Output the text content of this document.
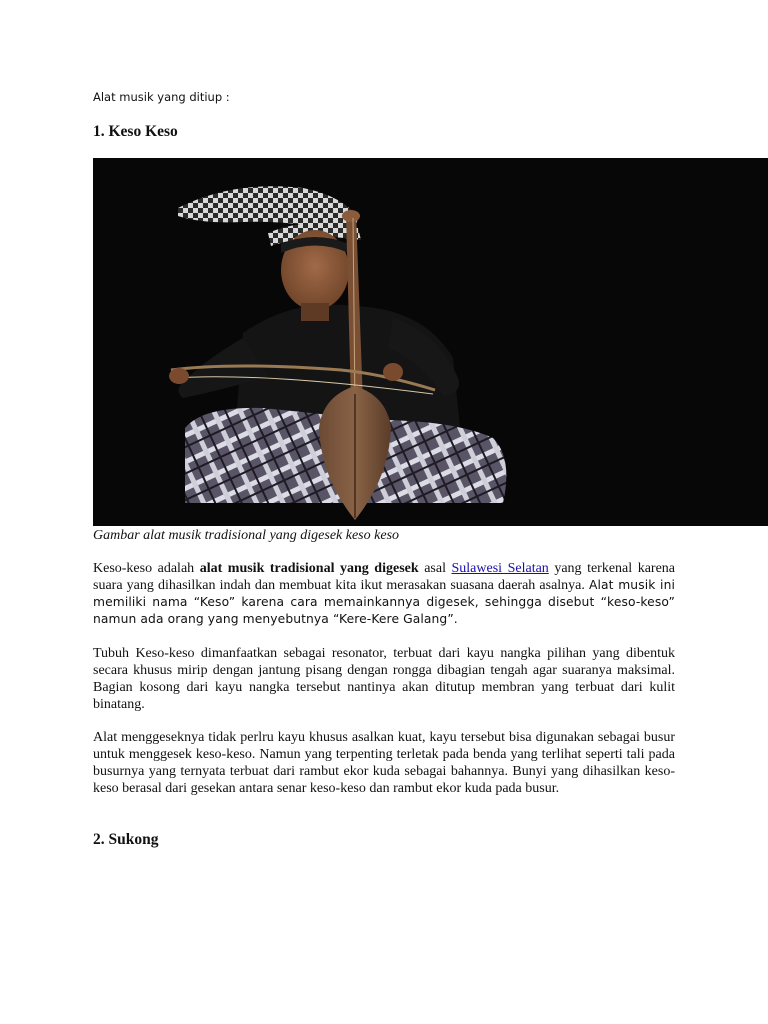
Alat musik yang ditiup :
1. Keso Keso
Gambar alat musik tradisional yang digesek keso keso
Keso-keso adalah alat musik tradisional yang digesek asal Sulawesi Selatan yang terkenal karena suara yang dihasilkan indah dan membuat kita ikut merasakan suasana daerah asalnya. Alat musik ini memiliki nama “Keso” karena cara memainkannya digesek, sehingga disebut “keso-keso” namun ada orang yang menyebutnya “Kere-Kere Galang”.
Tubuh Keso-keso dimanfaatkan sebagai resonator, terbuat dari kayu nangka pilihan yang dibentuk secara khusus mirip dengan jantung pisang dengan rongga dibagian tengah agar suaranya maksimal. Bagian kosong dari kayu nangka tersebut nantinya akan ditutup membran yang terbuat dari kulit binatang.
Alat menggeseknya tidak perlru kayu khusus asalkan kuat, kayu tersebut bisa digunakan sebagai busur untuk menggesek keso-keso. Namun yang terpenting terletak pada benda yang terlihat seperti tali pada busurnya yang ternyata terbuat dari rambut ekor kuda sebagai bahannya. Bunyi yang dihasilkan keso-keso berasal dari gesekan antara senar keso-keso dan rambut ekor kuda pada busur.
2. Sukong
